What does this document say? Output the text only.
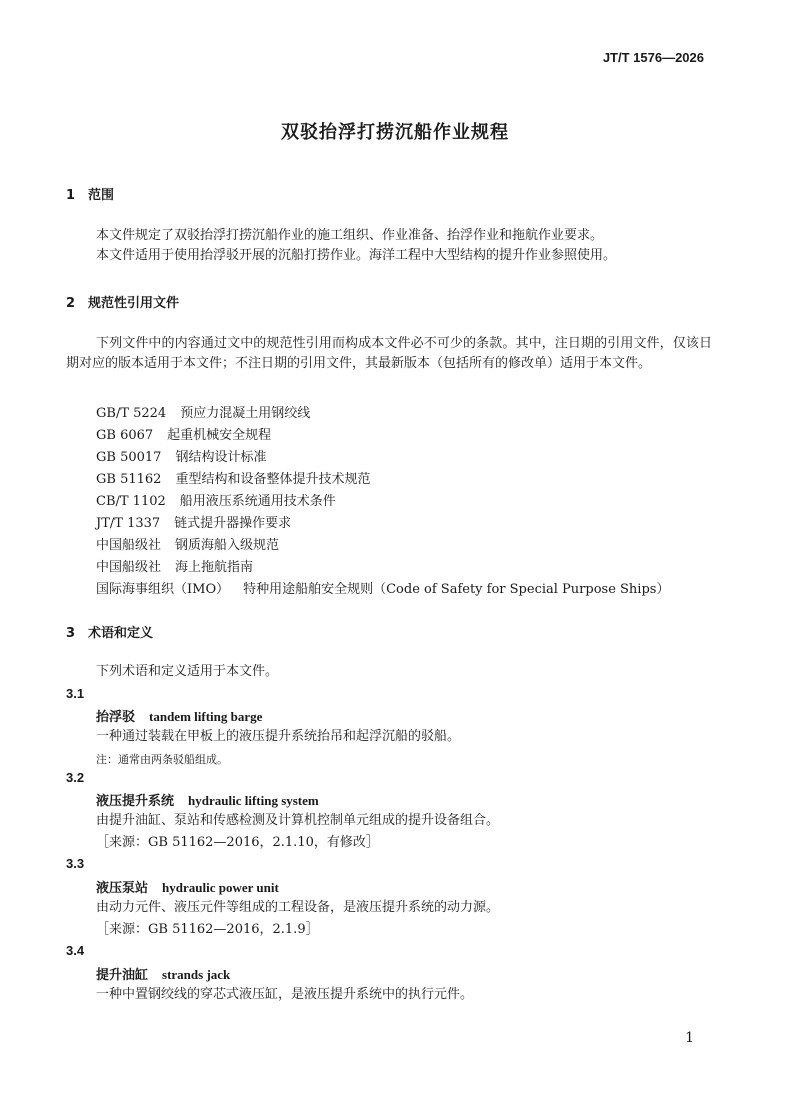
JT/T 1576—2026
双驳抬浮打捞沉船作业规程
1 范围
本文件规定了双驳抬浮打捞沉船作业的施工组织、作业准备、抬浮作业和拖航作业要求。
本文件适用于使用抬浮驳开展的沉船打捞作业。海洋工程中大型结构的提升作业参照使用。
2 规范性引用文件
下列文件中的内容通过文中的规范性引用而构成本文件必不可少的条款。其中，注日期的引用文件，仅该日期对应的版本适用于本文件；不注日期的引用文件，其最新版本（包括所有的修改单）适用于本文件。
GB/T 5224 预应力混凝土用钢绞线
GB 6067 起重机械安全规程
GB 50017 钢结构设计标准
GB 51162 重型结构和设备整体提升技术规范
CB/T 1102 船用液压系统通用技术条件
JT/T 1337 链式提升器操作要求
中国船级社 钢质海船入级规范
中国船级社 海上拖航指南
国际海事组织（IMO） 特种用途船舶安全规则（Code of Safety for Special Purpose Ships）
3 术语和定义
下列术语和定义适用于本文件。
3.1
抬浮驳 tandem lifting barge
一种通过装载在甲板上的液压提升系统抬吊和起浮沉船的驳船。
注：通常由两条驳船组成。
3.2
液压提升系统 hydraulic lifting system
由提升油缸、泵站和传感检测及计算机控制单元组成的提升设备组合。
［来源：GB 51162—2016，2.1.10，有修改］
3.3
液压泵站 hydraulic power unit
由动力元件、液压元件等组成的工程设备，是液压提升系统的动力源。
［来源：GB 51162—2016，2.1.9］
3.4
提升油缸 strands jack
一种中置钢绞线的穿芯式液压缸，是液压提升系统中的执行元件。
1
